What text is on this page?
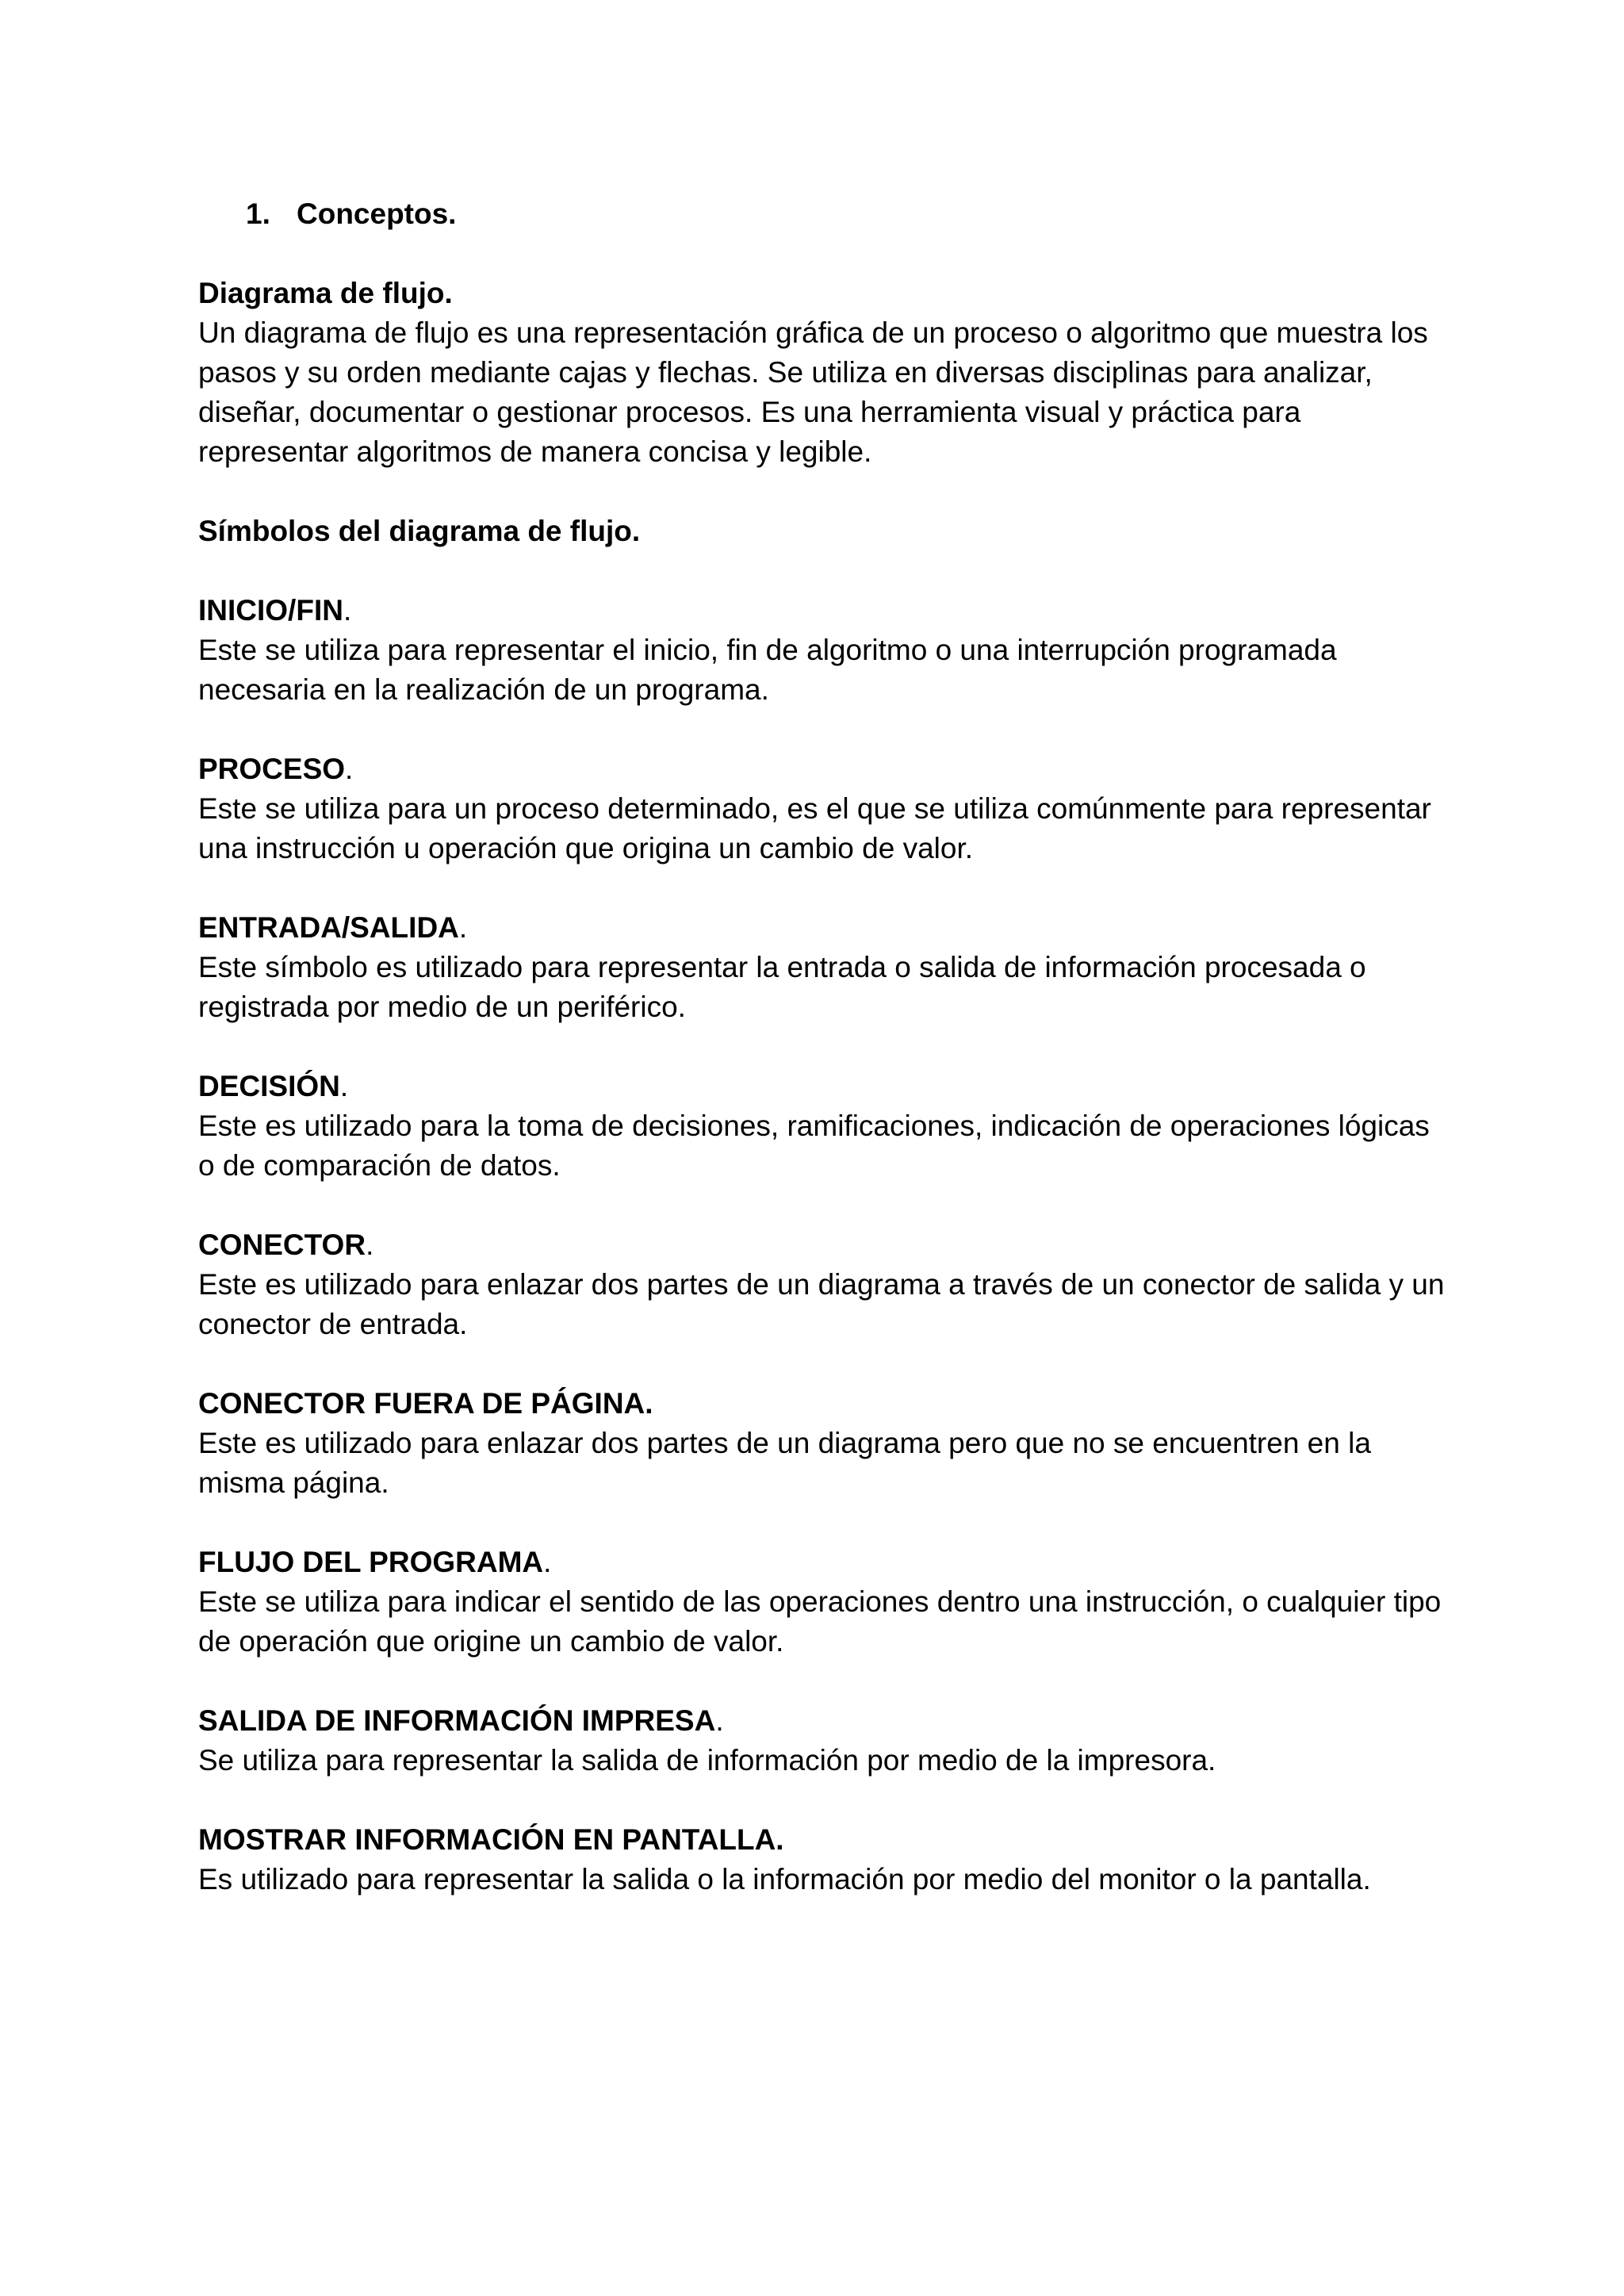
1. Conceptos.

Diagrama de flujo.

Un diagrama de flujo es una representación gráfica de un proceso o algoritmo que muestra los pasos y su orden mediante cajas y flechas. Se utiliza en diversas disciplinas para analizar, diseñar, documentar o gestionar procesos. Es una herramienta visual y práctica para representar algoritmos de manera concisa y legible.

Símbolos del diagrama de flujo.

INICIO/FIN.

Este se utiliza para representar el inicio, fin de algoritmo o una interrupción programada necesaria en la realización de un programa.

PROCESO.

Este se utiliza para un proceso determinado, es el que se utiliza comúnmente para representar una instrucción u operación que origina un cambio de valor.

ENTRADA/SALIDA.

Este símbolo es utilizado para representar la entrada o salida de información procesada o registrada por medio de un periférico.

DECISIÓN.

Este es utilizado para la toma de decisiones, ramificaciones, indicación de operaciones lógicas o de comparación de datos.

CONECTOR.

Este es utilizado para enlazar dos partes de un diagrama a través de un conector de salida y un conector de entrada.

CONECTOR FUERA DE PÁGINA.

Este es utilizado para enlazar dos partes de un diagrama pero que no se encuentren en la misma página.

FLUJO DEL PROGRAMA.

Este se utiliza para indicar el sentido de las operaciones dentro una instrucción, o cualquier tipo de operación que origine un cambio de valor.

SALIDA DE INFORMACIÓN IMPRESA.

Se utiliza para representar la salida de información por medio de la impresora.

MOSTRAR INFORMACIÓN EN PANTALLA.

Es utilizado para representar la salida o la información por medio del monitor o la pantalla.
